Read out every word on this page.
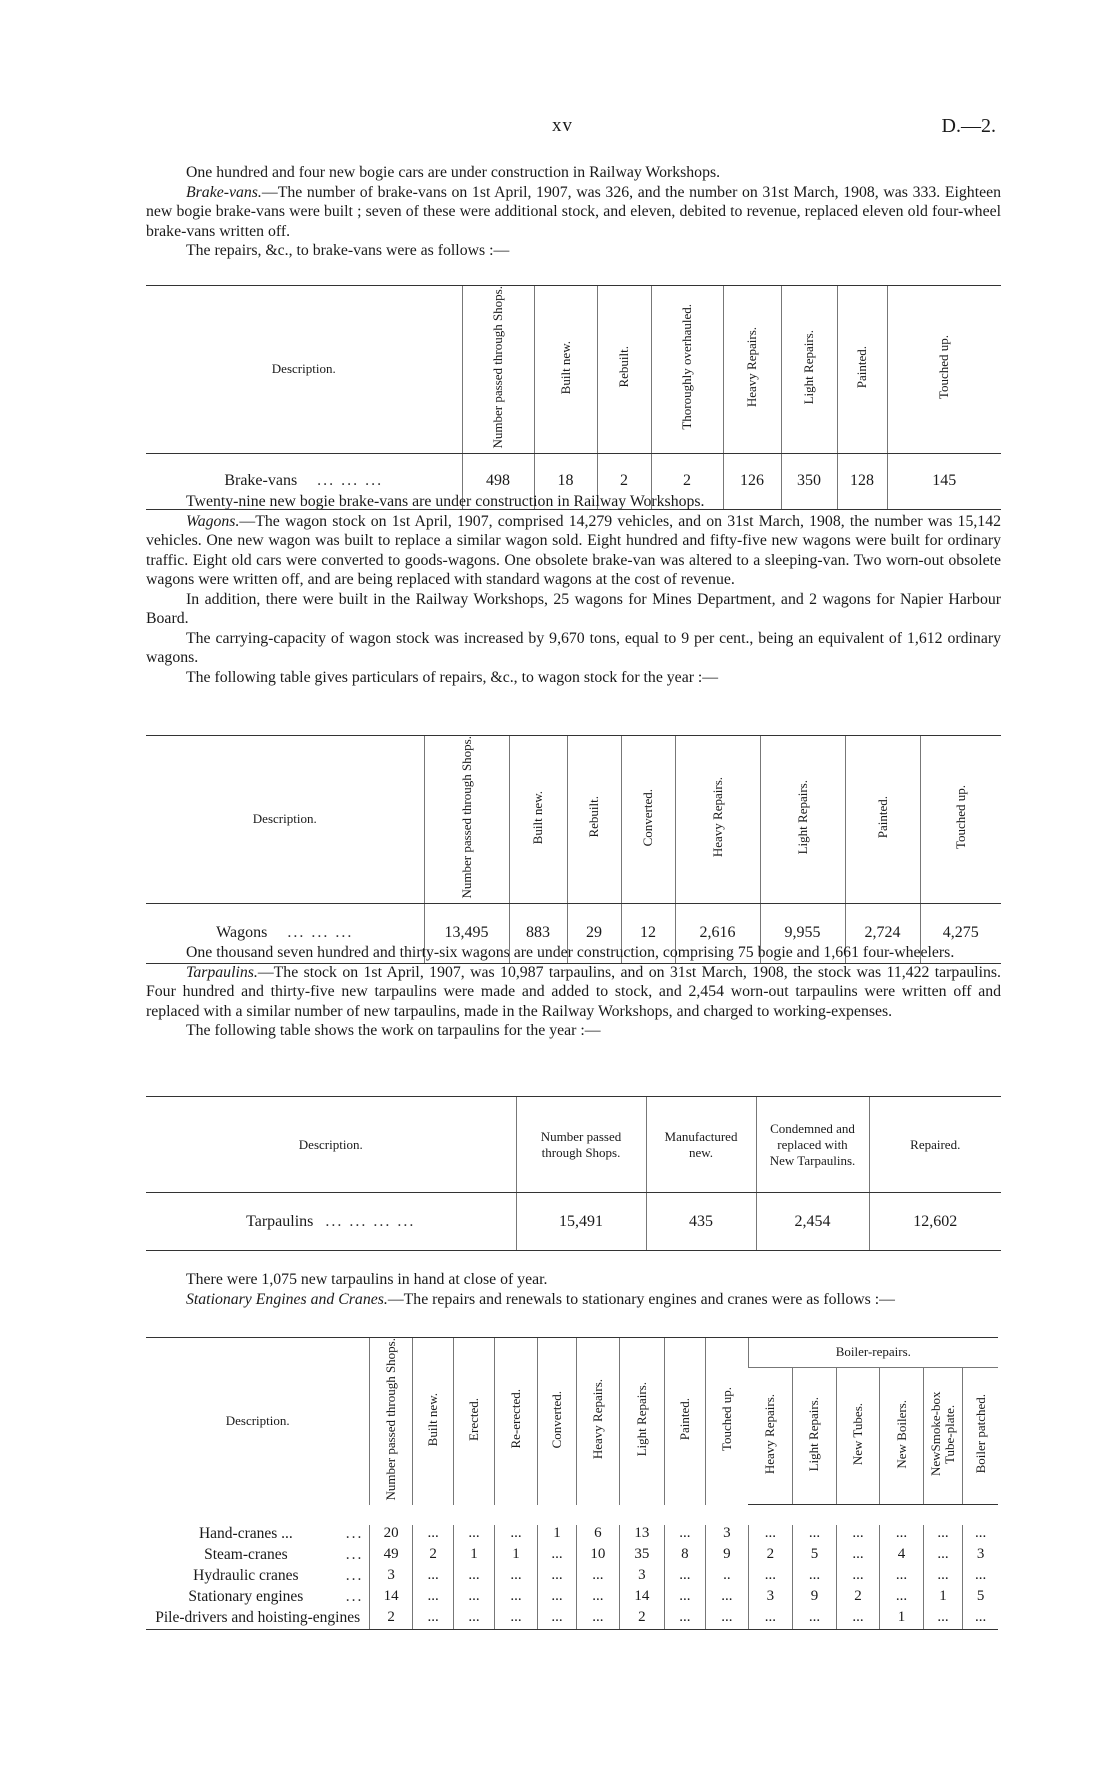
xv	D.—2.

One hundred and four new bogie cars are under construction in Railway Workshops.

Brake-vans.—The number of brake-vans on 1st April, 1907, was 326, and the number on 31st March, 1908, was 333. Eighteen new bogie brake-vans were built ; seven of these were additional stock, and eleven, debited to revenue, replaced eleven old four-wheel brake-vans written off.

The repairs, &c., to brake-vans were as follows :—

Description.	Number passed through Shops.	Built new.	Rebuilt.	Thoroughly overhauled.	Heavy Repairs.	Light Repairs.	Painted.	Touched up.
Brake-vans ... ... ...	498	18	2	2	126	350	128	145

Twenty-nine new bogie brake-vans are under construction in Railway Workshops.

Wagons.—The wagon stock on 1st April, 1907, comprised 14,279 vehicles, and on 31st March, 1908, the number was 15,142 vehicles. One new wagon was built to replace a similar wagon sold. Eight hundred and fifty-five new wagons were built for ordinary traffic. Eight old cars were converted to goods-wagons. One obsolete brake-van was altered to a sleeping-van. Two worn-out obsolete wagons were written off, and are being replaced with standard wagons at the cost of revenue.

In addition, there were built in the Railway Workshops, 25 wagons for Mines Department, and 2 wagons for Napier Harbour Board.

The carrying-capacity of wagon stock was increased by 9,670 tons, equal to 9 per cent., being an equivalent of 1,612 ordinary wagons.

The following table gives particulars of repairs, &c., to wagon stock for the year :—

Description.	Number passed through Shops.	Built new.	Rebuilt.	Converted.	Heavy Repairs.	Light Repairs.	Painted.	Touched up.
Wagons ... ... ...	13,495	883	29	12	2,616	9,955	2,724	4,275

One thousand seven hundred and thirty-six wagons are under construction, comprising 75 bogie and 1,661 four-wheelers.

Tarpaulins.—The stock on 1st April, 1907, was 10,987 tarpaulins, and on 31st March, 1908, the stock was 11,422 tarpaulins. Four hundred and thirty-five new tarpaulins were made and added to stock, and 2,454 worn-out tarpaulins were written off and replaced with a similar number of new tarpaulins, made in the Railway Workshops, and charged to working-expenses.

The following table shows the work on tarpaulins for the year :—

Description.	Number passed through Shops.	Manufactured new.	Condemned and replaced with New Tarpaulins.	Repaired.
Tarpaulins ... ... ... ...	15,491	435	2,454	12,602

There were 1,075 new tarpaulins in hand at close of year.

Stationary Engines and Cranes.—The repairs and renewals to stationary engines and cranes were as follows :—

Description.	Number passed through Shops.	Built new.	Erected.	Re-erected.	Converted.	Heavy Repairs.	Light Repairs.	Painted.	Touched up.	Boiler-repairs.					
										Heavy Repairs.	Light Repairs.	New Tubes.	New Boilers.	NewSmoke-box Tube-plate.	Boiler patched.

Hand-cranes ... ...	20	...	...	...	1	6	13	...	3	...	...	...	...	...	...
Steam-cranes ...	49	2	1	1	...	10	35	8	9	2	5	...	4	...	3
Hydraulic cranes ...	3	...	...	...	...	...	3	...	..	...	...	...	...	...	...
Stationary engines ...	14	...	...	...	...	...	14	...	...	3	9	2	...	1	5
Pile-drivers and hoisting-engines	2	...	...	...	...	...	2	...	...	...	...	...	1	...	...
